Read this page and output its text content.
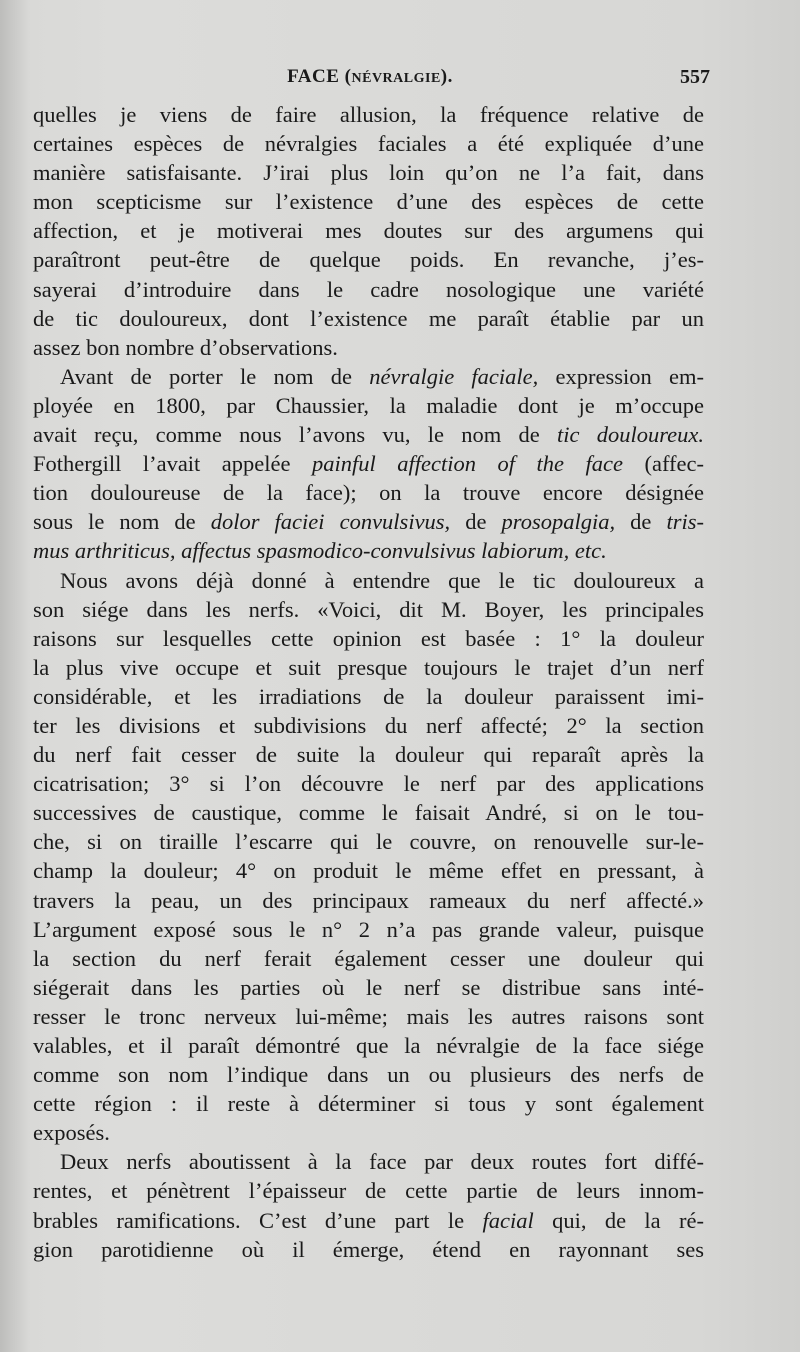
FACE (NÉVRALGIE).	557
quelles je viens de faire allusion, la fréquence relative de
certaines espèces de névralgies faciales a été expliquée d’une
manière satisfaisante. J’irai plus loin qu’on ne l’a fait, dans
mon scepticisme sur l’existence d’une des espèces de cette
affection, et je motiverai mes doutes sur des argumens qui
paraîtront peut-être de quelque poids. En revanche, j’es-
sayerai d’introduire dans le cadre nosologique une variété
de tic douloureux, dont l’existence me paraît établie par un
assez bon nombre d’observations.
Avant de porter le nom de névralgie faciale, expression em-
ployée en 1800, par Chaussier, la maladie dont je m’occupe
avait reçu, comme nous l’avons vu, le nom de tic douloureux.
Fothergill l’avait appelée painful affection of the face (affec-
tion douloureuse de la face); on la trouve encore désignée
sous le nom de dolor faciei convulsivus, de prosopalgia, de tris-
mus arthriticus, affectus spasmodico-convulsivus labiorum, etc.
Nous avons déjà donné à entendre que le tic douloureux a
son siége dans les nerfs. «Voici, dit M. Boyer, les principales
raisons sur lesquelles cette opinion est basée : 1° la douleur
la plus vive occupe et suit presque toujours le trajet d’un nerf
considérable, et les irradiations de la douleur paraissent imi-
ter les divisions et subdivisions du nerf affecté; 2° la section
du nerf fait cesser de suite la douleur qui reparaît après la
cicatrisation; 3° si l’on découvre le nerf par des applications
successives de caustique, comme le faisait André, si on le tou-
che, si on tiraille l’escarre qui le couvre, on renouvelle sur-le-
champ la douleur; 4° on produit le même effet en pressant, à
travers la peau, un des principaux rameaux du nerf affecté.»
L’argument exposé sous le n° 2 n’a pas grande valeur, puisque
la section du nerf ferait également cesser une douleur qui
siégerait dans les parties où le nerf se distribue sans inté-
resser le tronc nerveux lui-même; mais les autres raisons sont
valables, et il paraît démontré que la névralgie de la face siége
comme son nom l’indique dans un ou plusieurs des nerfs de
cette région : il reste à déterminer si tous y sont également
exposés.
Deux nerfs aboutissent à la face par deux routes fort diffé-
rentes, et pénètrent l’épaisseur de cette partie de leurs innom-
brables ramifications. C’est d’une part le facial qui, de la ré-
gion parotidienne où il émerge, étend en rayonnant ses
